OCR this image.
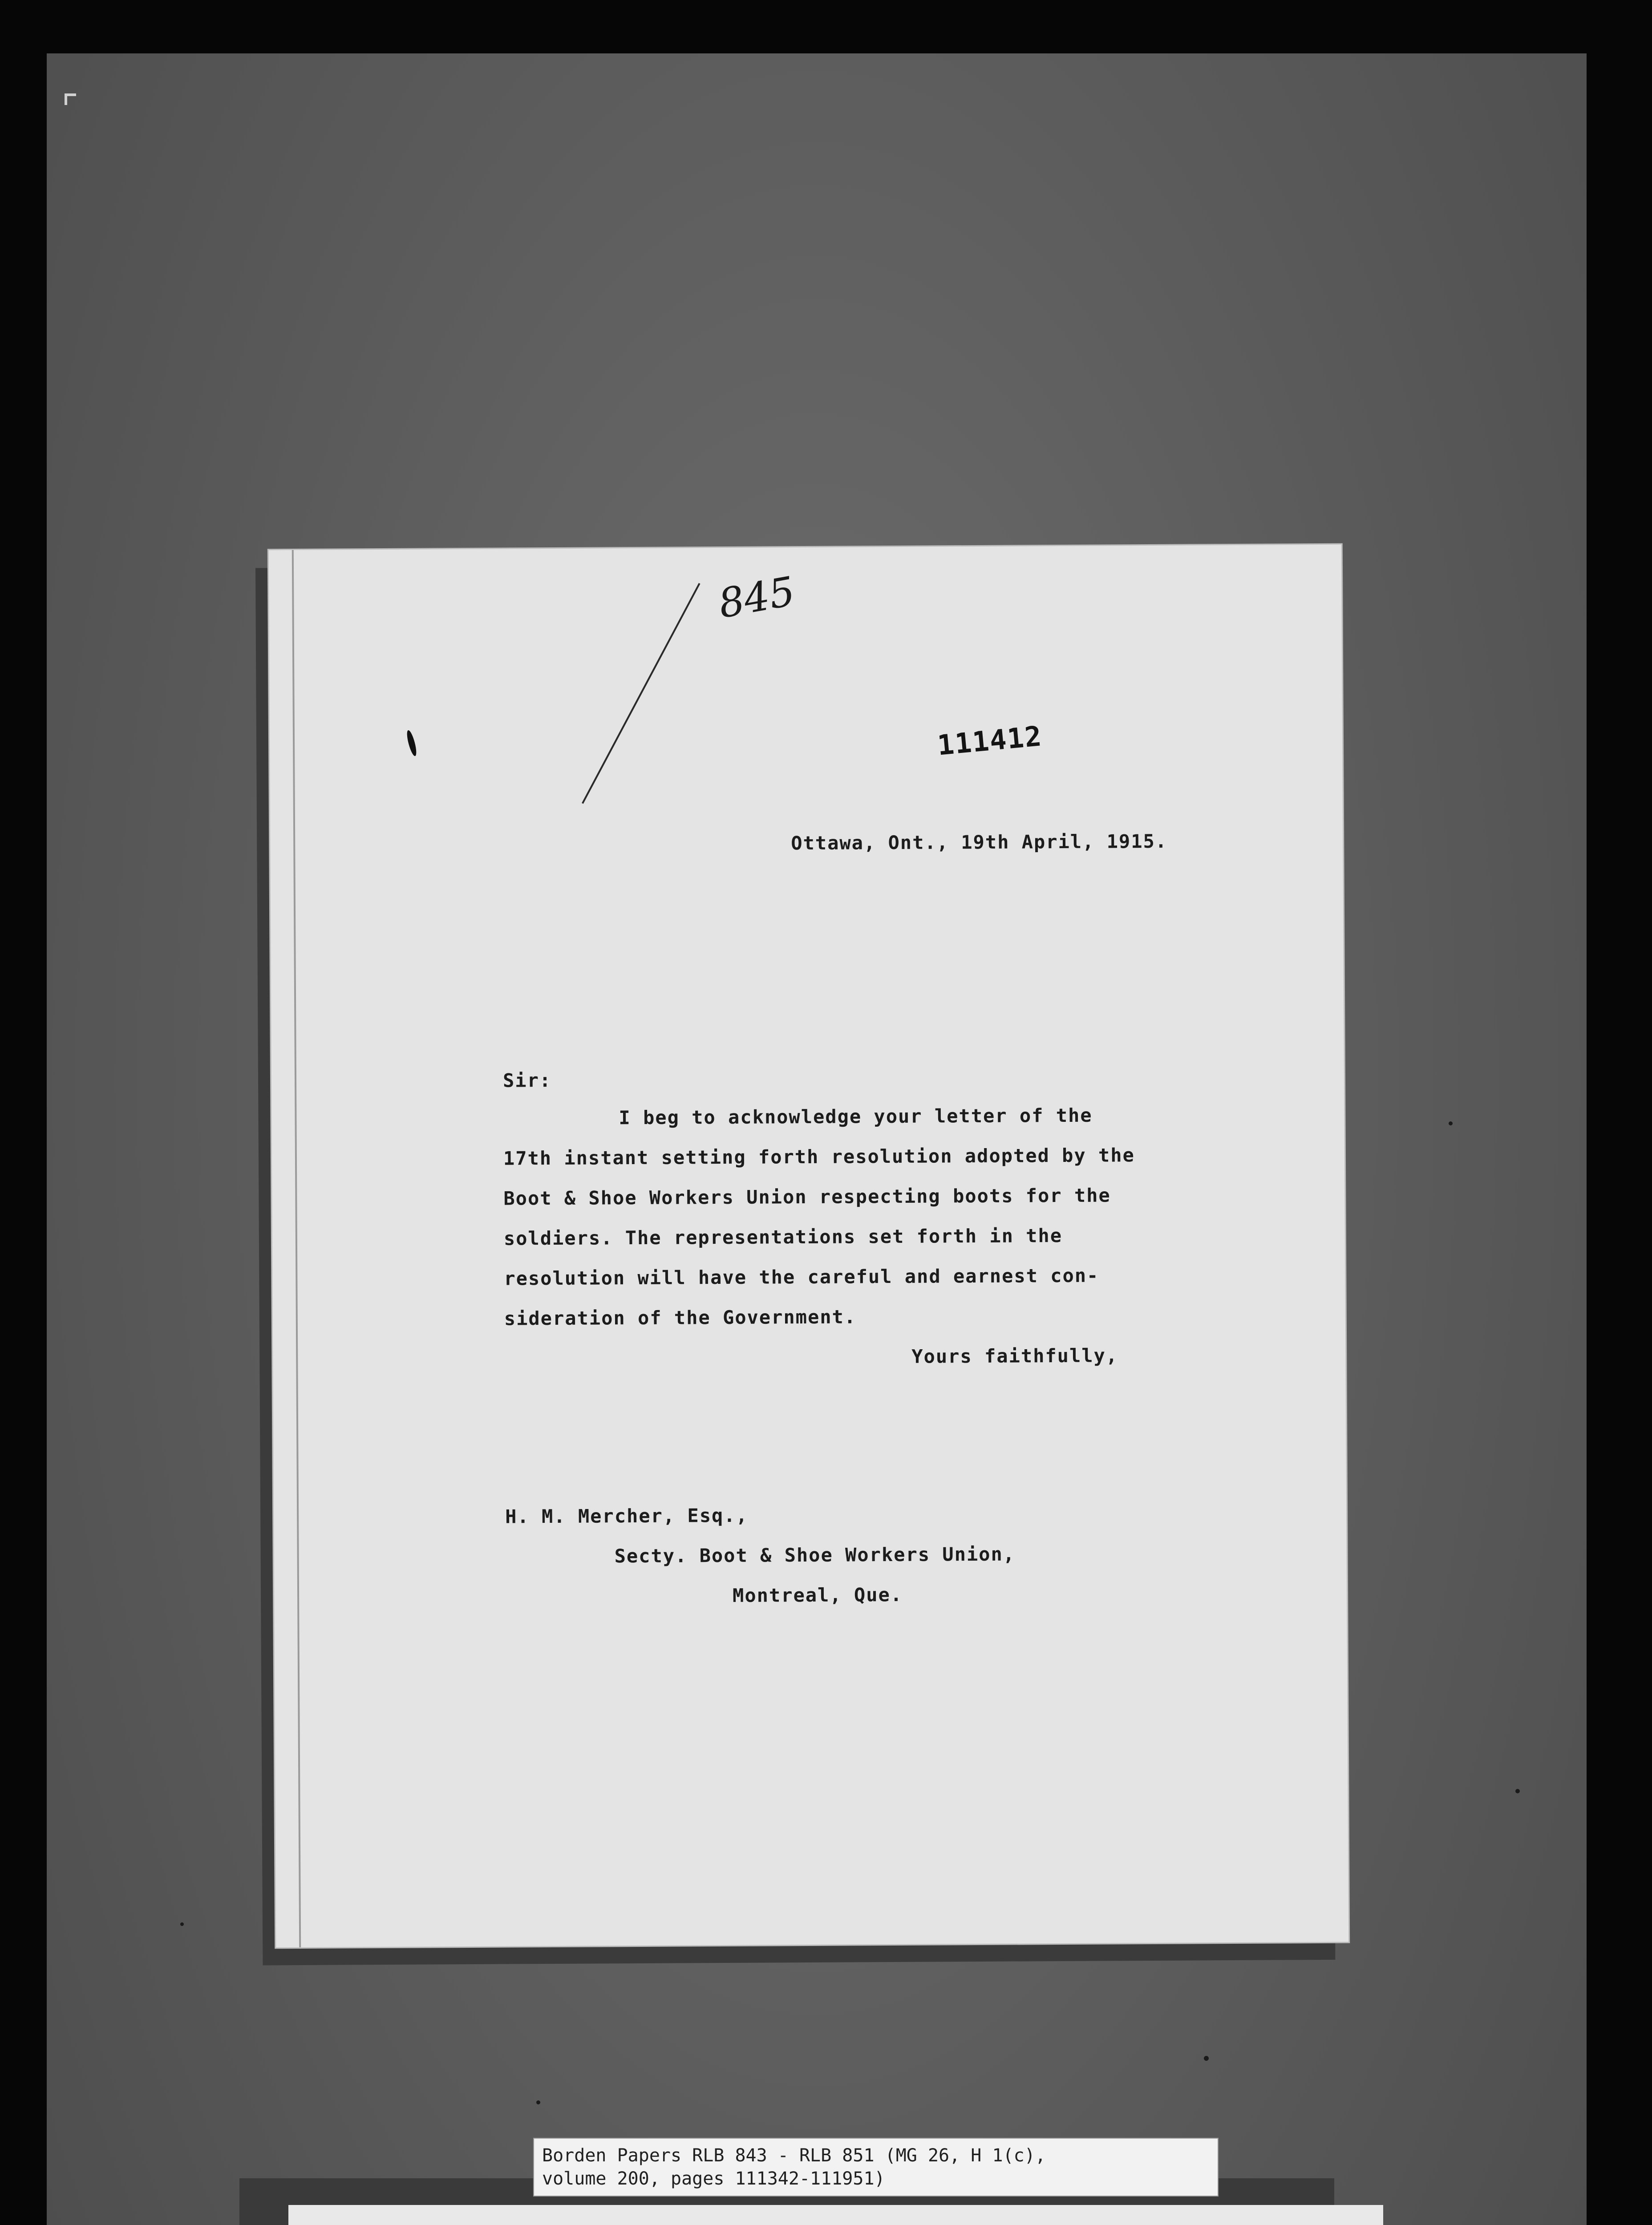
845
111412
Ottawa, Ont., 19th April, 1915.
Sir:
I beg to acknowledge your letter of the
17th instant setting forth resolution adopted by the
Boot & Shoe Workers Union respecting boots for the
soldiers. The representations set forth in the
resolution will have the careful and earnest con-
sideration of the Government.
Yours faithfully,
H. M. Mercher, Esq.,
Secty. Boot & Shoe Workers Union,
Montreal, Que.
Borden Papers RLB 843 - RLB 851 (MG 26, H 1(c),
volume 200, pages 111342-111951)
